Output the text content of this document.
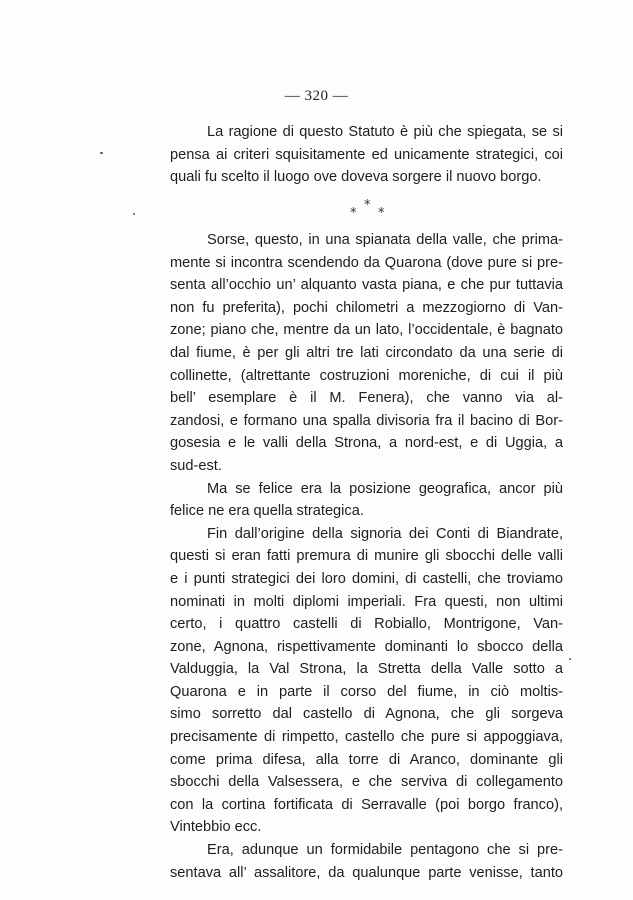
— 320 —
La ragione di questo Statuto è più che spiegata, se si
pensa ai criteri squisitamente ed unicamente strategici, coi
quali fu scelto il luogo ove doveva sorgere il nuovo borgo.
*
*
*
Sorse, questo, in una spianata della valle, che prima-
mente si incontra scendendo da Quarona (dove pure si pre-
senta all’occhio un’ alquanto vasta piana, e che pur tuttavia
non fu preferita), pochi chilometri a mezzogiorno di Van-
zone; piano che, mentre da un lato, l’occidentale, è bagnato
dal fiume, è per gli altri tre lati circondato da una serie di
collinette, (altrettante costruzioni moreniche, di cui il più
bell’ esemplare è il M. Fenera), che vanno via al-
zandosi, e formano una spalla divisoria fra il bacino di Bor-
gosesia e le valli della Strona, a nord-est, e di Uggia, a
sud-est.
Ma se felice era la posizione geografica, ancor più
felice ne era quella strategica.
Fin dall’origine della signoria dei Conti di Biandrate,
questi si eran fatti premura di munire gli sbocchi delle valli
e i punti strategici dei loro domini, di castelli, che troviamo
nominati in molti diplomi imperiali. Fra questi, non ultimi
certo, i quattro castelli di Robiallo, Montrigone, Van-
zone, Agnona, rispettivamente dominanti lo sbocco della
Valduggia, la Val Strona, la Stretta della Valle sotto a
Quarona e in parte il corso del fiume, in ciò moltis-
simo sorretto dal castello di Agnona, che gli sorgeva
precisamente di rimpetto, castello che pure si appoggiava,
come prima difesa, alla torre di Aranco, dominante gli
sbocchi della Valsessera, e che serviva di collegamento
con la cortina fortificata di Serravalle (poi borgo franco),
Vintebbio ecc.
Era, adunque un formidabile pentagono che si pre-
sentava all’ assalitore, da qualunque parte venisse, tanto
